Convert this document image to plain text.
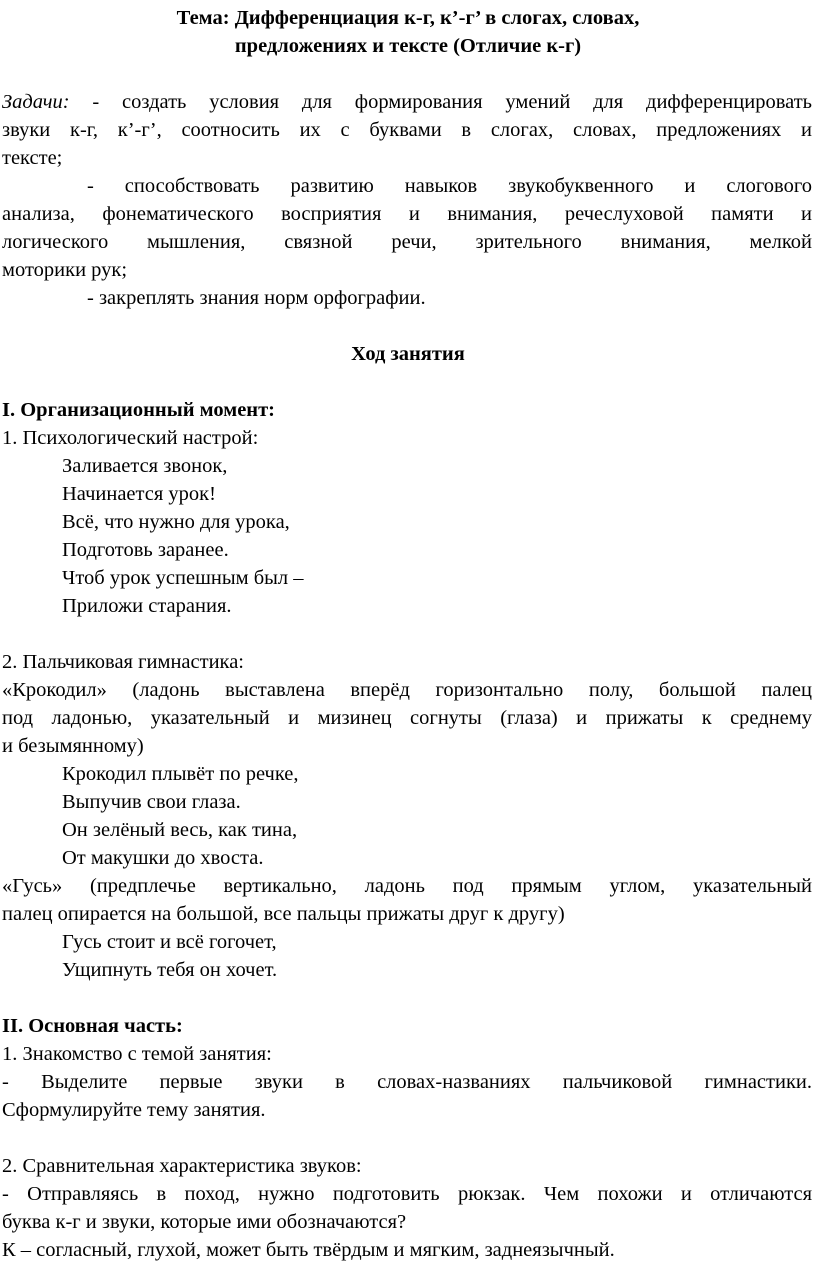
Тема: Дифференциация к-г, к’-г’ в слогах, словах,
предложениях и тексте (Отличие к-г)
Задачи: - создать условия для формирования умений для дифференцировать
звуки к-г, к’-г’, соотносить их с буквами в слогах, словах, предложениях и
тексте;
- способствовать развитию навыков звукобуквенного и слогового
анализа, фонематического восприятия и внимания, речеслуховой памяти и
логического мышления, связной речи, зрительного внимания, мелкой
моторики рук;
- закреплять знания норм орфографии.
Ход занятия
I. Организационный момент:
1. Психологический настрой:
Заливается звонок,
Начинается урок!
Всё, что нужно для урока,
Подготовь заранее.
Чтоб урок успешным был –
Приложи старания.
2. Пальчиковая гимнастика:
«Крокодил» (ладонь выставлена вперёд горизонтально полу, большой палец
под ладонью, указательный и мизинец согнуты (глаза) и прижаты к среднему
и безымянному)
Крокодил плывёт по речке,
Выпучив свои глаза.
Он зелёный весь, как тина,
От макушки до хвоста.
«Гусь» (предплечье вертикально, ладонь под прямым углом, указательный
палец опирается на большой, все пальцы прижаты друг к другу)
Гусь стоит и всё гогочет,
Ущипнуть тебя он хочет.
II. Основная часть:
1. Знакомство с темой занятия:
- Выделите первые звуки в словах-названиях пальчиковой гимнастики.
Сформулируйте тему занятия.
2. Сравнительная характеристика звуков:
- Отправляясь в поход, нужно подготовить рюкзак. Чем похожи и отличаются
буква к-г и звуки, которые ими обозначаются?
К – согласный, глухой, может быть твёрдым и мягким, заднеязычный.
